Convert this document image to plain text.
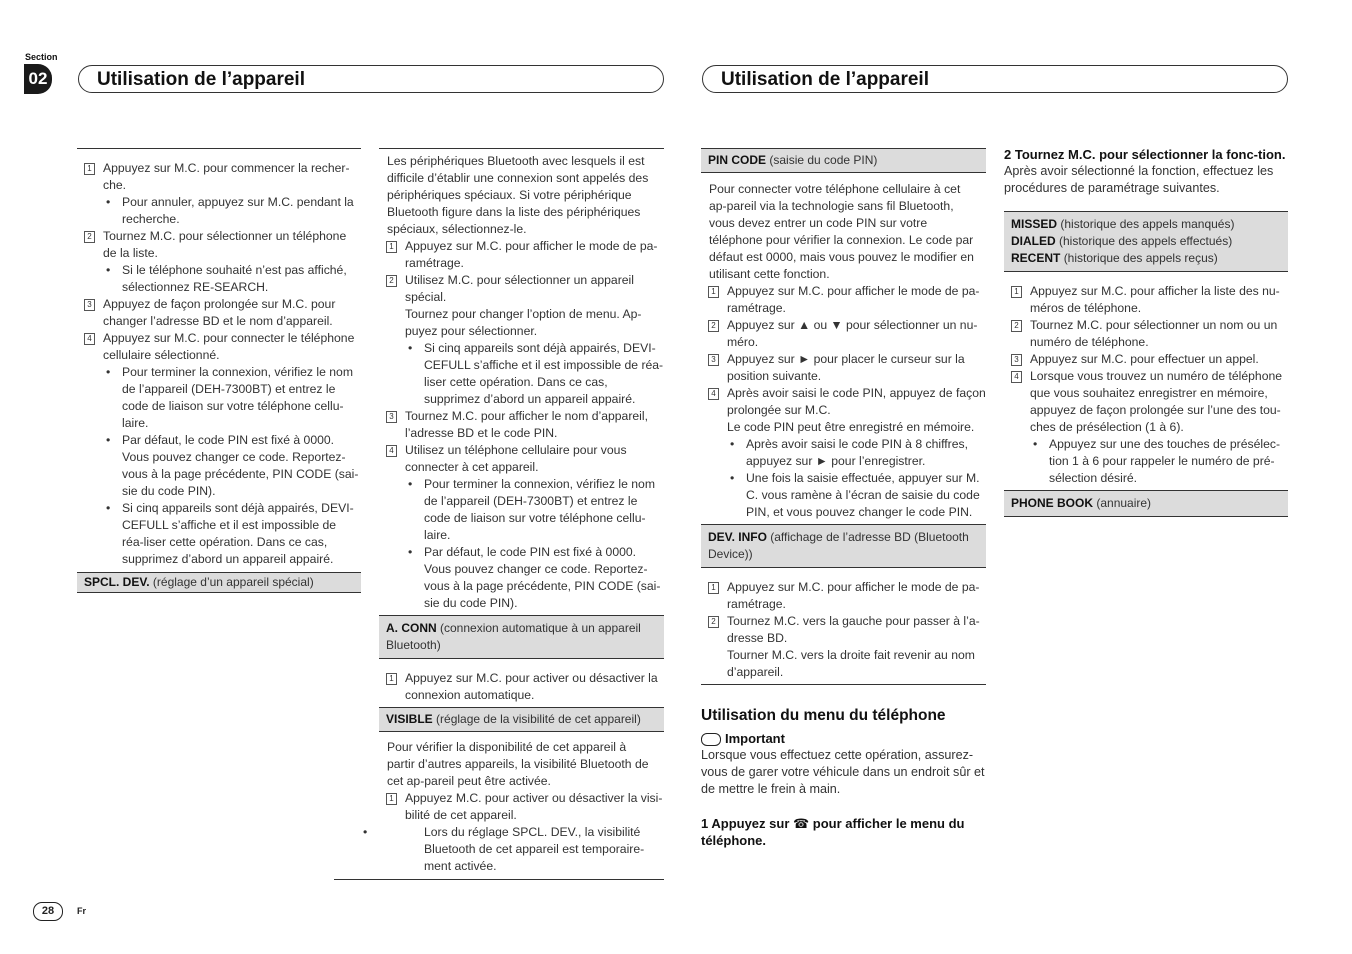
Section
02	Utilisation de l’appareil	Utilisation de l’appareil
1 Appuyez sur M.C. pour commencer la recher-che.
• Pour annuler, appuyez sur M.C. pendant la recherche.
2 Tournez M.C. pour sélectionner un téléphone de la liste.
• Si le téléphone souhaité n’est pas affiché, sélectionnez RE-SEARCH.
3 Appuyez de façon prolongée sur M.C. pour changer l’adresse BD et le nom d’appareil.
4 Appuyez sur M.C. pour connecter le téléphone cellulaire sélectionné.
• Pour terminer la connexion, vérifiez le nom de l’appareil (DEH-7300BT) et entrez le code de liaison sur votre téléphone cellu-laire.
• Par défaut, le code PIN est fixé à 0000. Vous pouvez changer ce code. Reportez-vous à la page précédente, PIN CODE (sai-sie du code PIN).
• Si cinq appareils sont déjà appairés, DEVI-CEFULL s’affiche et il est impossible de réa-liser cette opération. Dans ce cas, supprimez d’abord un appareil appairé.
SPCL. DEV. (réglage d’un appareil spécial)

Les périphériques Bluetooth avec lesquels il est difficile d’établir une connexion sont appelés des périphériques spéciaux. Si votre périphérique Bluetooth figure dans la liste des périphériques spéciaux, sélectionnez-le.

1 Appuyez sur M.C. pour afficher le mode de pa-ramétrage.
2 Utilisez M.C. pour sélectionner un appareil spécial.
Tournez pour changer l’option de menu. Ap-puyez pour sélectionner.
• Si cinq appareils sont déjà appairés, DEVI-CEFULL s’affiche et il est impossible de réa-liser cette opération. Dans ce cas, supprimez d’abord un appareil appairé.
3 Tournez M.C. pour afficher le nom d’appareil, l’adresse BD et le code PIN.
4 Utilisez un téléphone cellulaire pour vous connecter à cet appareil.
• Pour terminer la connexion, vérifiez le nom de l’appareil (DEH-7300BT) et entrez le code de liaison sur votre téléphone cellu-laire.
• Par défaut, le code PIN est fixé à 0000. Vous pouvez changer ce code. Reportez-vous à la page précédente, PIN CODE (sai-sie du code PIN).
A. CONN (connexion automatique à un appareil Bluetooth)
1 Appuyez sur M.C. pour activer ou désactiver la connexion automatique.
VISIBLE (réglage de la visibilité de cet appareil)

Pour vérifier la disponibilité de cet appareil à partir d’autres appareils, la visibilité Bluetooth de cet ap-pareil peut être activée.

1 Appuyez M.C. pour activer ou désactiver la visi-bilité de cet appareil.
• Lors du réglage SPCL. DEV., la visibilité Bluetooth de cet appareil est temporaire-ment activée.
PIN CODE (saisie du code PIN)

Pour connecter votre téléphone cellulaire à cet ap-pareil via la technologie sans fil Bluetooth, vous devez entrer un code PIN sur votre téléphone pour vérifier la connexion. Le code par défaut est 0000, mais vous pouvez le modifier en utilisant cette fonction.

1 Appuyez sur M.C. pour afficher le mode de pa-ramétrage.
2 Appuyez sur ▲ ou ▼ pour sélectionner un nu-méro.
3 Appuyez sur ► pour placer le curseur sur la position suivante.
4 Après avoir saisi le code PIN, appuyez de façon prolongée sur M.C.
Le code PIN peut être enregistré en mémoire.
• Après avoir saisi le code PIN à 8 chiffres, appuyez sur ► pour l’enregistrer.
• Une fois la saisie effectuée, appuyer sur M. C. vous ramène à l’écran de saisie du code PIN, et vous pouvez changer le code PIN.
DEV. INFO (affichage de l’adresse BD (Bluetooth Device))
1 Appuyez sur M.C. pour afficher le mode de pa-ramétrage.
2 Tournez M.C. vers la gauche pour passer à l’a-dresse BD.
Tourner M.C. vers la droite fait revenir au nom d’appareil.
Utilisation du menu du téléphone
Important
Lorsque vous effectuez cette opération, assurez-vous de garer votre véhicule dans un endroit sûr et de mettre le frein à main.
1 Appuyez sur ☎ pour afficher le menu du téléphone.
2 Tournez M.C. pour sélectionner la fonc-tion.
Après avoir sélectionné la fonction, effectuez les procédures de paramétrage suivantes.
MISSED (historique des appels manqués)
DIALED (historique des appels effectués)
RECENT (historique des appels reçus)
1 Appuyez sur M.C. pour afficher la liste des nu-méros de téléphone.
2 Tournez M.C. pour sélectionner un nom ou un numéro de téléphone.
3 Appuyez sur M.C. pour effectuer un appel.
4 Lorsque vous trouvez un numéro de téléphone que vous souhaitez enregistrer en mémoire, appuyez de façon prolongée sur l’une des tou-ches de présélection (1 à 6).
• Appuyez sur une des touches de présélec-tion 1 à 6 pour rappeler le numéro de pré-sélection désiré.
PHONE BOOK (annuaire)
28	Fr
